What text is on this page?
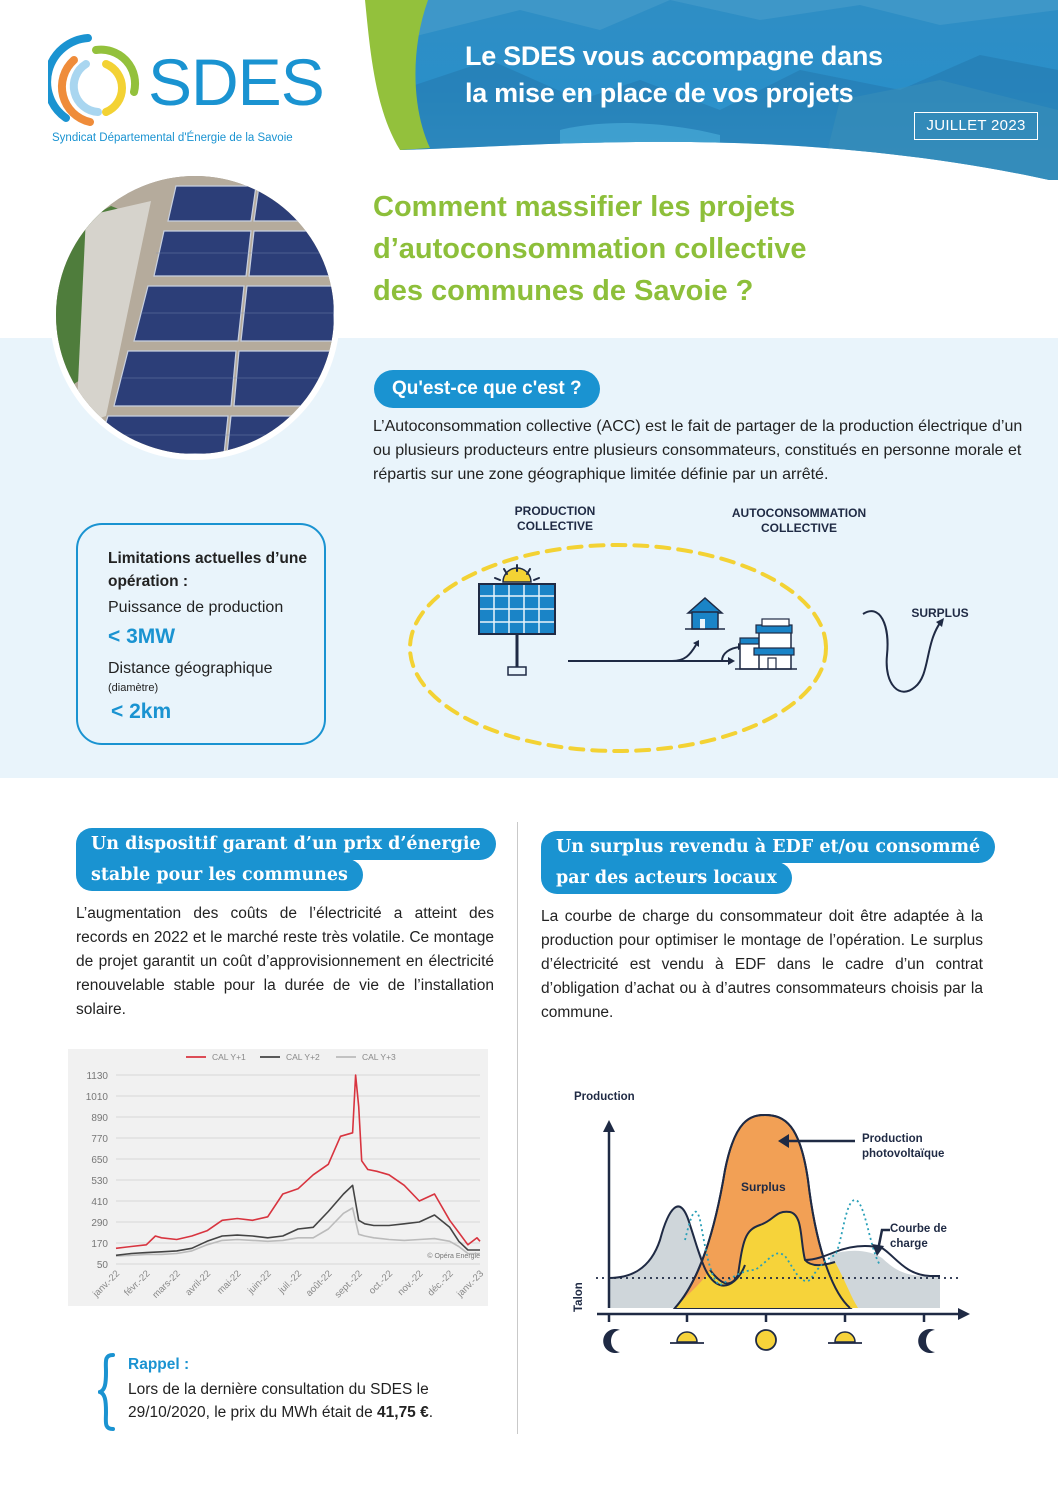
Le SDES vous accompagne dans
la mise en place de vos projets
JUILLET 2023
SDES
Syndicat Départemental d'Énergie de la Savoie
Comment massifier les projets
d’autoconsommation collective
des communes de Savoie ?
Qu'est-ce que c'est ?
L’Autoconsommation collective (ACC) est le fait de partager de la production électrique d’un ou plusieurs producteurs entre plusieurs consommateurs, constitués en personne morale et répartis sur une zone géographique limitée définie par un arrêté.
Limitations actuelles d’une opération :
Puissance de production
< 3MW
Distance géographique
(diamètre)
< 2km
PRODUCTION
COLLECTIVE
AUTOCONSOMMATION
COLLECTIVE
SURPLUS
Un dispositif garant d’un prix d’énergie
stable pour les communes
L’augmentation des coûts de l’électricité a atteint des records en 2022 et le marché reste très volatile. Ce montage de projet garantit un coût d’approvisionnement en électricité renouvelable stable pour la durée de vie de l’installation solaire.
1130
1010
890
770
650
530
410
290
170
50
janv.-22 févr.-22
mars-22 avril-22 mai-22 juin-22 juil.-22 août-22
sept.-22 oct.-22 nov.-22 déc.-22 janv.-23
CAL Y+1	CAL Y+2	CAL Y+3
© Opéra Energie
Rappel :
Lors de la dernière consultation du SDES le 29/10/2020, le prix du MWh était de 41,75 €.
Un surplus revendu à EDF et/ou consommé
par des acteurs locaux
La courbe de charge du consommateur doit être adaptée à la production pour optimiser le montage de l’opération. Le surplus d’électricité est vendu à EDF dans le cadre d’un contrat d’obligation d’achat ou à d’autres consommateurs choisis par la commune.
Production
Production photovoltaïque
Surplus
Courbe de charge
Talon
